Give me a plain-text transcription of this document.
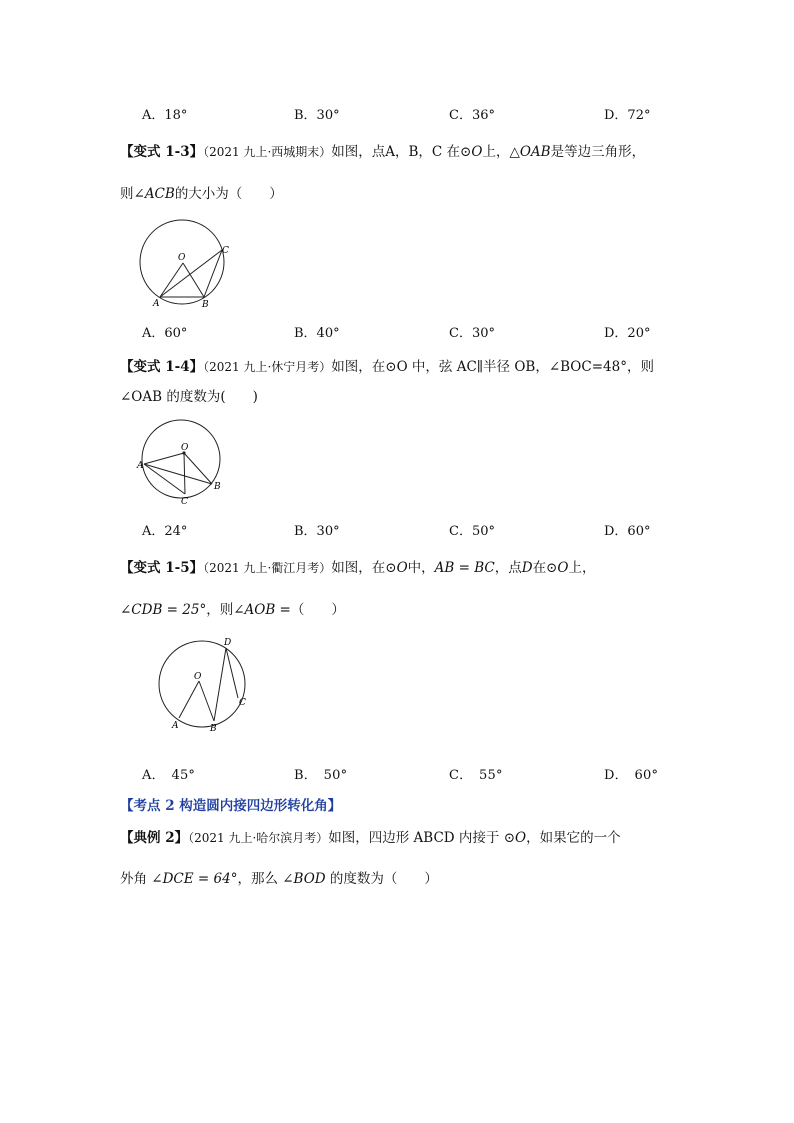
A．18°	B．30°	C．36°	D．72°
【变式 1-3】（2021 九上·西城期末）如图，点A，B，C 在⊙O上，△OAB是等边三角形，
则∠ACB的大小为（　　）
O
A	B
C
A．60°	B．40°	C．30°	D．20°
【变式 1-4】（2021 九上·休宁月考）如图，在⊙O 中，弦 AC∥半径 OB，∠BOC=48°，则
∠OAB 的度数为(　　)
O
A
B
C
A．24°	B．30°	C．50°	D．60°
【变式 1-5】（2021 九上·衢江月考）如图，在⊙O中，AB = BC，点D在⊙O上，
∠CDB = 25°，则∠AOB =（　　）
O
A	B
C
D
A．　45°	B．　50°	C．　55°	D．　60°
【考点 2 构造圆内接四边形转化角】
【典例 2】（2021 九上·哈尔滨月考）如图，四边形 ABCD 内接于 ⊙O，如果它的一个
外角 ∠DCE = 64°，那么 ∠BOD 的度数为（　　）
